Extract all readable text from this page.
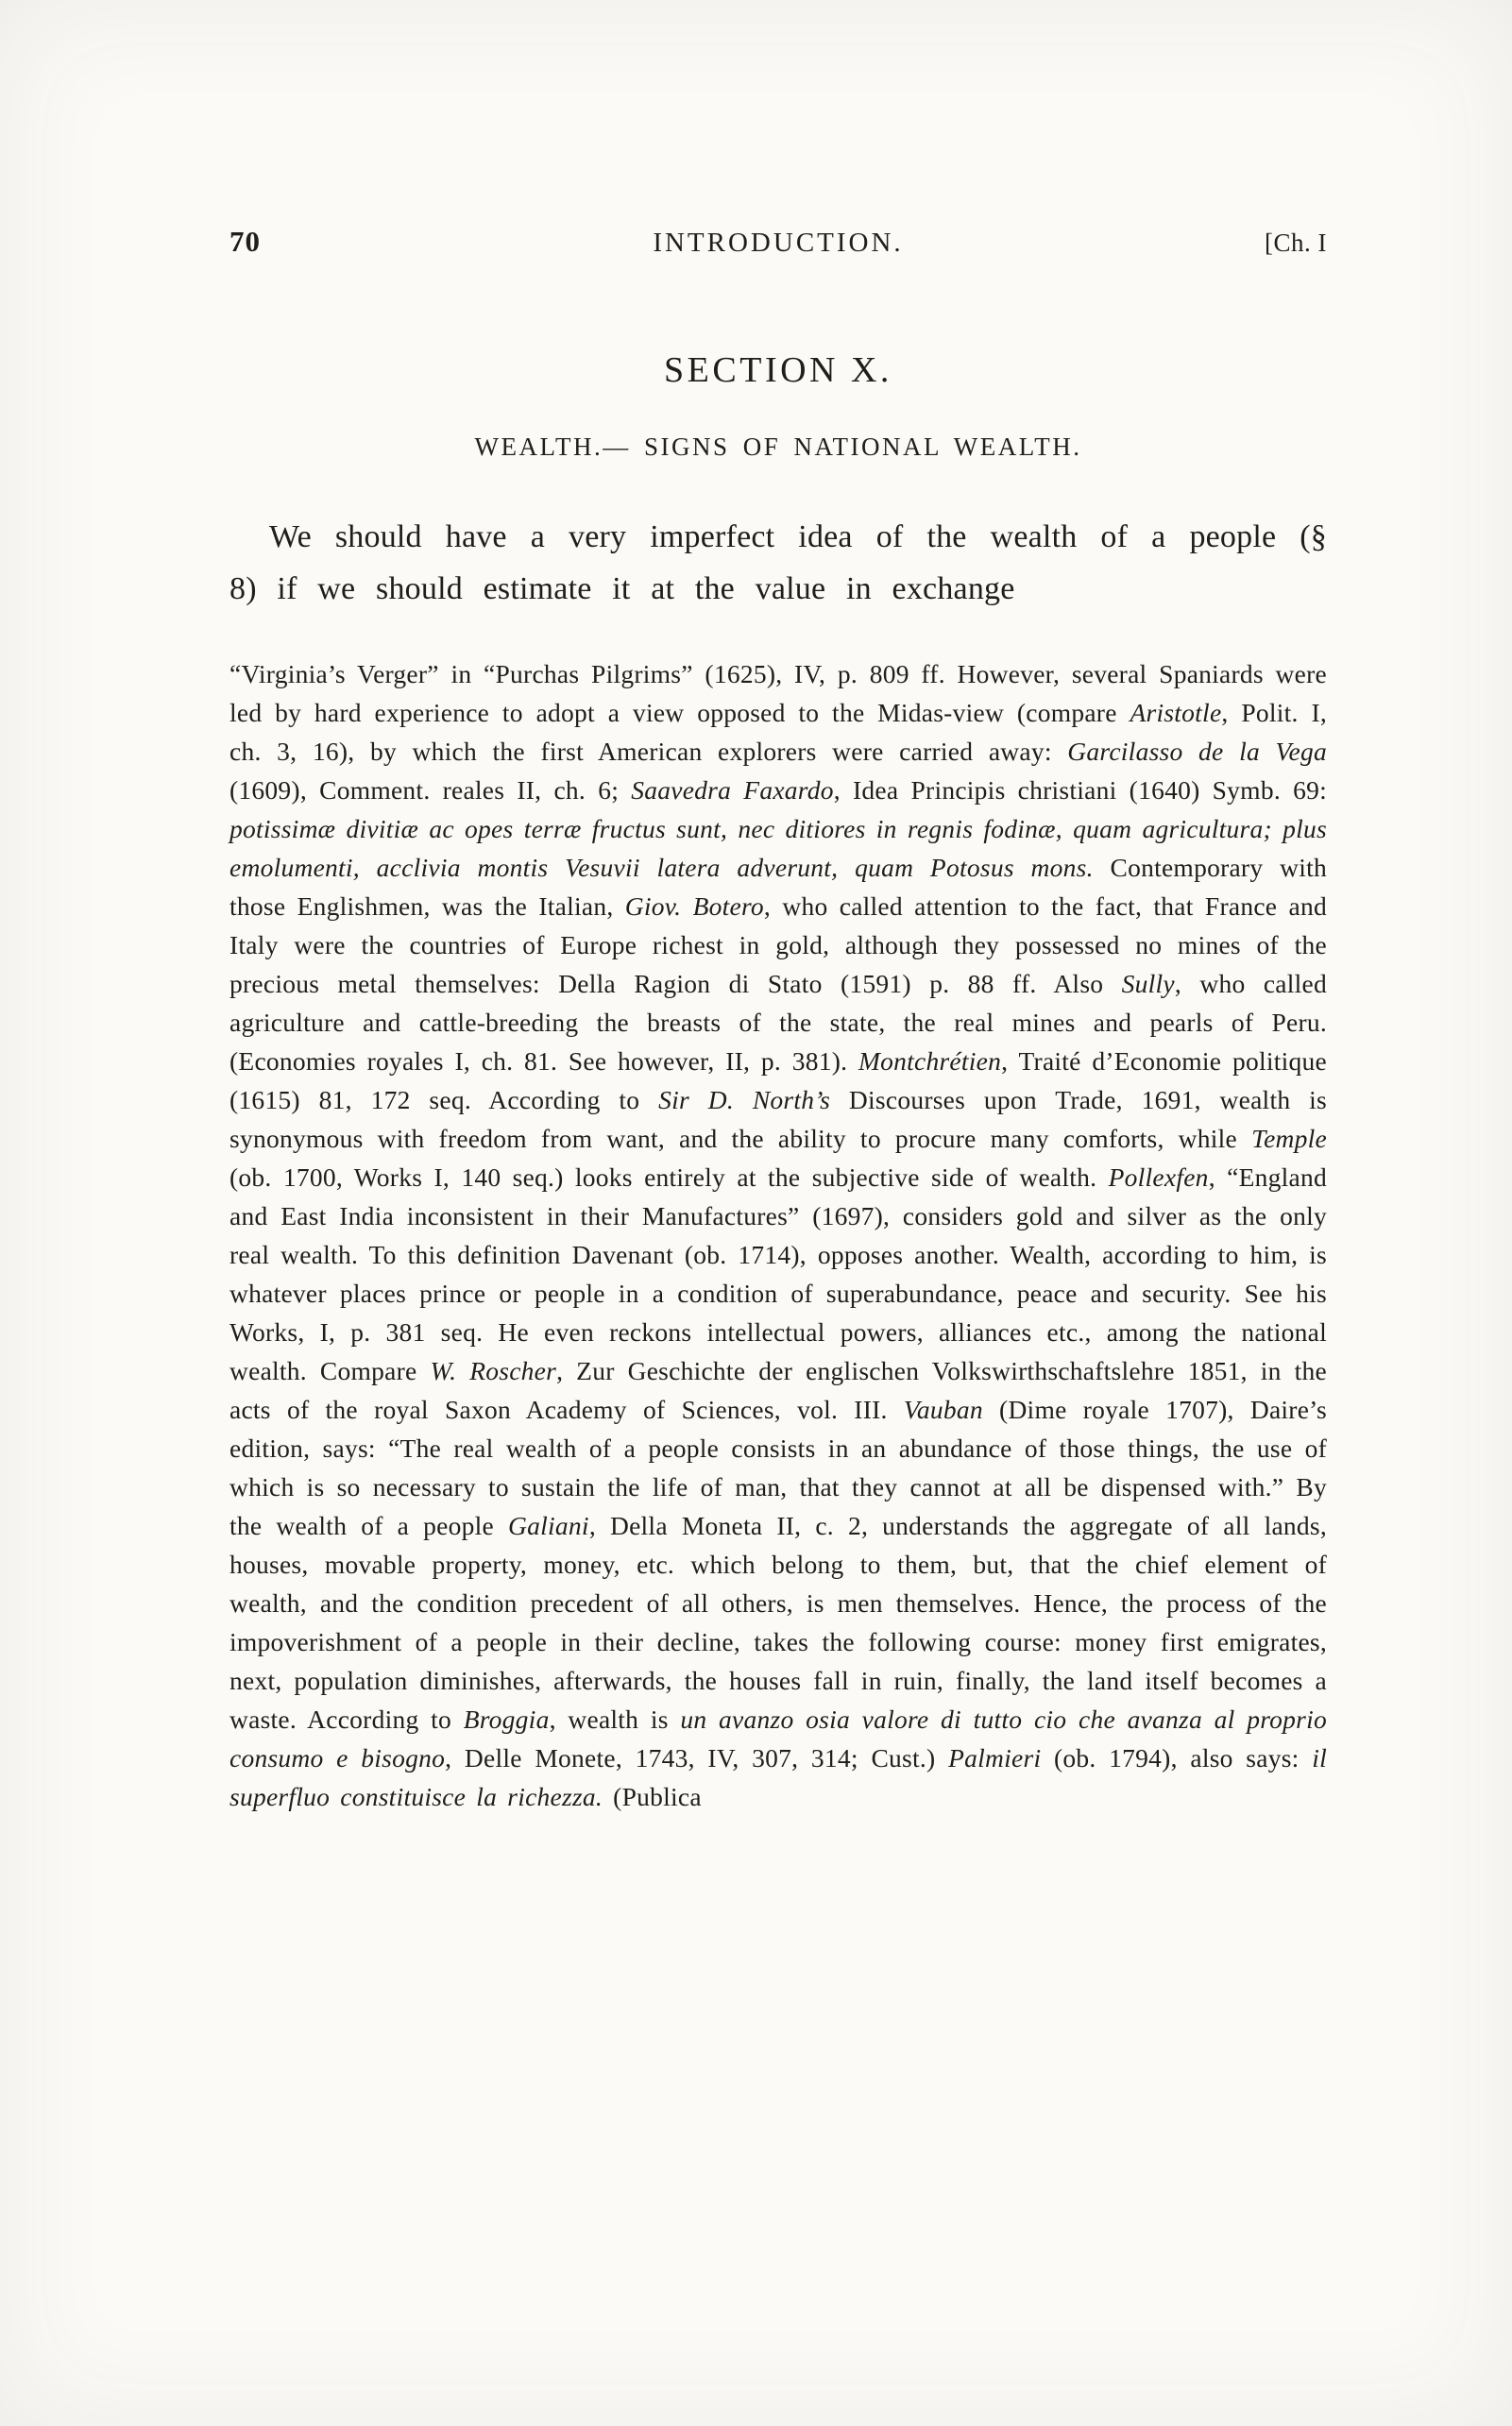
70	INTRODUCTION.	[Ch. I
SECTION X.
WEALTH.— SIGNS OF NATIONAL WEALTH.

We should have a very imperfect idea of the wealth of a people (§ 8) if we should estimate it at the value in exchange

“Virginia’s Verger” in “Purchas Pilgrims” (1625), IV, p. 809 ff. However, several Spaniards were led by hard experience to adopt a view opposed to the Midas-view (compare Aristotle, Polit. I, ch. 3, 16), by which the first American explorers were carried away: Garcilasso de la Vega (1609), Comment. reales II, ch. 6; Saavedra Faxardo, Idea Principis christiani (1640) Symb. 69: potissimæ divitiæ ac opes terræ fructus sunt, nec ditiores in regnis fodinæ, quam agricultura; plus emolumenti, acclivia montis Vesuvii latera adverunt, quam Potosus mons. Contemporary with those Englishmen, was the Italian, Giov. Botero, who called attention to the fact, that France and Italy were the countries of Europe richest in gold, although they possessed no mines of the precious metal themselves: Della Ragion di Stato (1591) p. 88 ff. Also Sully, who called agriculture and cattle-breeding the breasts of the state, the real mines and pearls of Peru. (Economies royales I, ch. 81. See however, II, p. 381). Montchrétien, Traité d’Economie politique (1615) 81, 172 seq. According to Sir D. North’s Discourses upon Trade, 1691, wealth is synonymous with freedom from want, and the ability to procure many comforts, while Temple (ob. 1700, Works I, 140 seq.) looks entirely at the subjective side of wealth. Pollexfen, “England and East India inconsistent in their Manufactures” (1697), considers gold and silver as the only real wealth. To this definition Davenant (ob. 1714), opposes another. Wealth, according to him, is whatever places prince or people in a condition of superabundance, peace and security. See his Works, I, p. 381 seq. He even reckons intellectual powers, alliances etc., among the national wealth. Compare W. Roscher, Zur Geschichte der englischen Volkswirthschaftslehre 1851, in the acts of the royal Saxon Academy of Sciences, vol. III. Vauban (Dime royale 1707), Daire’s edition, says: “The real wealth of a people consists in an abundance of those things, the use of which is so necessary to sustain the life of man, that they cannot at all be dispensed with.” By the wealth of a people Galiani, Della Moneta II, c. 2, understands the aggregate of all lands, houses, movable property, money, etc. which belong to them, but, that the chief element of wealth, and the condition precedent of all others, is men themselves. Hence, the process of the impoverishment of a people in their decline, takes the following course: money first emigrates, next, population diminishes, afterwards, the houses fall in ruin, finally, the land itself becomes a waste. According to Broggia, wealth is un avanzo osia valore di tutto cio che avanza al proprio consumo e bisogno, Delle Monete, 1743, IV, 307, 314; Cust.) Palmieri (ob. 1794), also says: il superfluo constituisce la richezza. (Publica
